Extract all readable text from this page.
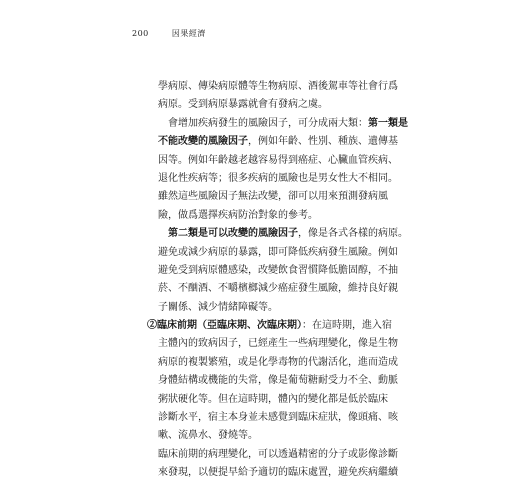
200	因果經濟
學病原、傳染病原體等生物病原、酒後駕車等社會行爲
病原。受到病原暴露就會有發病之虞。
會增加疾病發生的風險因子，可分成兩大類：第一類是
不能改變的風險因子，例如年齡、性別、種族、遺傳基
因等。例如年齡越老越容易得到癌症、心臟血管疾病、
退化性疾病等；很多疾病的風險也是男女性大不相同。
雖然這些風險因子無法改變，卻可以用來預測發病風
險，做爲選擇疾病防治對象的參考。
第二類是可以改變的風險因子，像是各式各樣的病原。
避免或減少病原的暴露，即可降低疾病發生風險。例如
避免受到病原體感染，改變飲食習慣降低膽固醇，不抽
菸、不酗酒、不嚼檳榔減少癌症發生風險，維持良好親
子關係、減少情緒障礙等。
②臨床前期（亞臨床期、次臨床期）：在這時期，進入宿
主體內的致病因子，已經產生一些病理變化，像是生物
病原的複製繁殖，或是化學毒物的代謝活化，進而造成
身體結構或機能的失常，像是葡萄糖耐受力不全、動脈
粥狀硬化等。但在這時期，體內的變化都是低於臨床
診斷水平，宿主本身並未感覺到臨床症狀，像頭痛、咳
嗽、流鼻水、發燒等。
臨床前期的病理變化，可以透過精密的分子或影像診斷
來發現，以便提早給予適切的臨床處置，避免疾病繼續
